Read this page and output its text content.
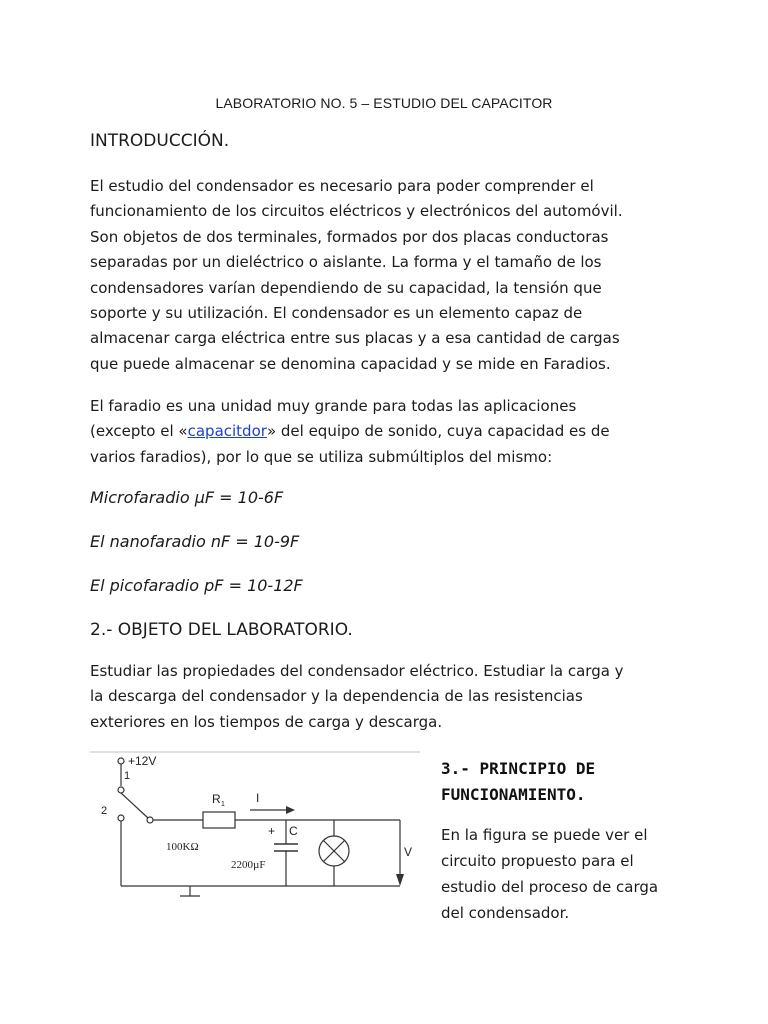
LABORATORIO NO. 5 – ESTUDIO DEL CAPACITOR
INTRODUCCIÓN.
El estudio del condensador es necesario para poder comprender el
funcionamiento de los circuitos eléctricos y electrónicos del automóvil.
Son objetos de dos terminales, formados por dos placas conductoras
separadas por un dieléctrico o aislante. La forma y el tamaño de los
condensadores varían dependiendo de su capacidad, la tensión que
soporte y su utilización. El condensador es un elemento capaz de
almacenar carga eléctrica entre sus placas y a esa cantidad de cargas
que puede almacenar se denomina capacidad y se mide en Faradios.
El faradio es una unidad muy grande para todas las aplicaciones
(excepto el «capacitdor» del equipo de sonido, cuya capacidad es de
varios faradios), por lo que se utiliza submúltiplos del mismo:
Microfaradio µF = 10-6F
El nanofaradio nF = 10-9F
El picofaradio pF = 10-12F
2.- OBJETO DEL LABORATORIO.
Estudiar las propiedades del condensador eléctrico. Estudiar la carga y
la descarga del condensador y la dependencia de las resistencias
exteriores en los tiempos de carga y descarga.
+12V
1
2
R 1	I
+ C
100KΩ
2200µF
V
3.- PRINCIPIO DE
FUNCIONAMIENTO.
En la figura se puede ver el
circuito propuesto para el
estudio del proceso de carga
del condensador.
